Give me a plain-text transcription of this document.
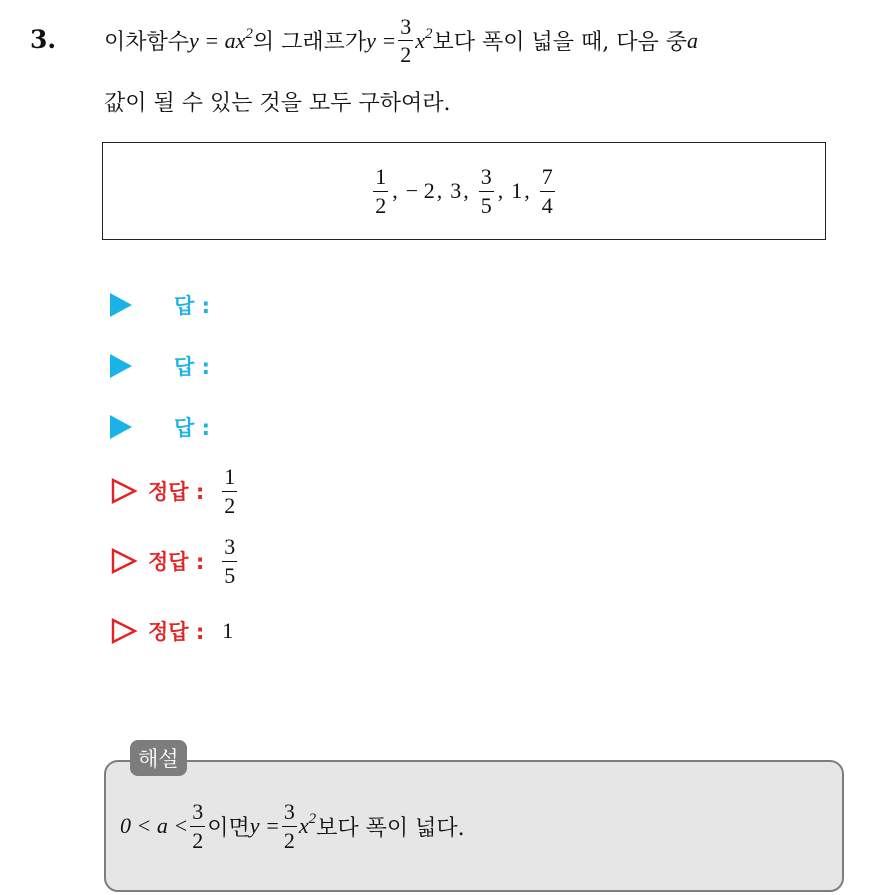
3. 이차함수 $y = ax^2$ 의 그래프가 $y = \frac{3}{2} x^2$ 보다 폭이 넓을 때, 다음 중 a
값이 될 수 있는 것을 모두 구하여라.
$\frac{1}{2}$ , − 2 , 3 , $\frac{3}{5}$ , 1 , $\frac{7}{4}$
답 :
답 :
답 :
정답 : $\frac{1}{2}$
정답 : $\frac{3}{5}$
정답 : 1
해설
$0 < a < \frac{3}{2}$ 이면 $y = \frac{3}{2} x^2$ 보다 폭이 넓다.
